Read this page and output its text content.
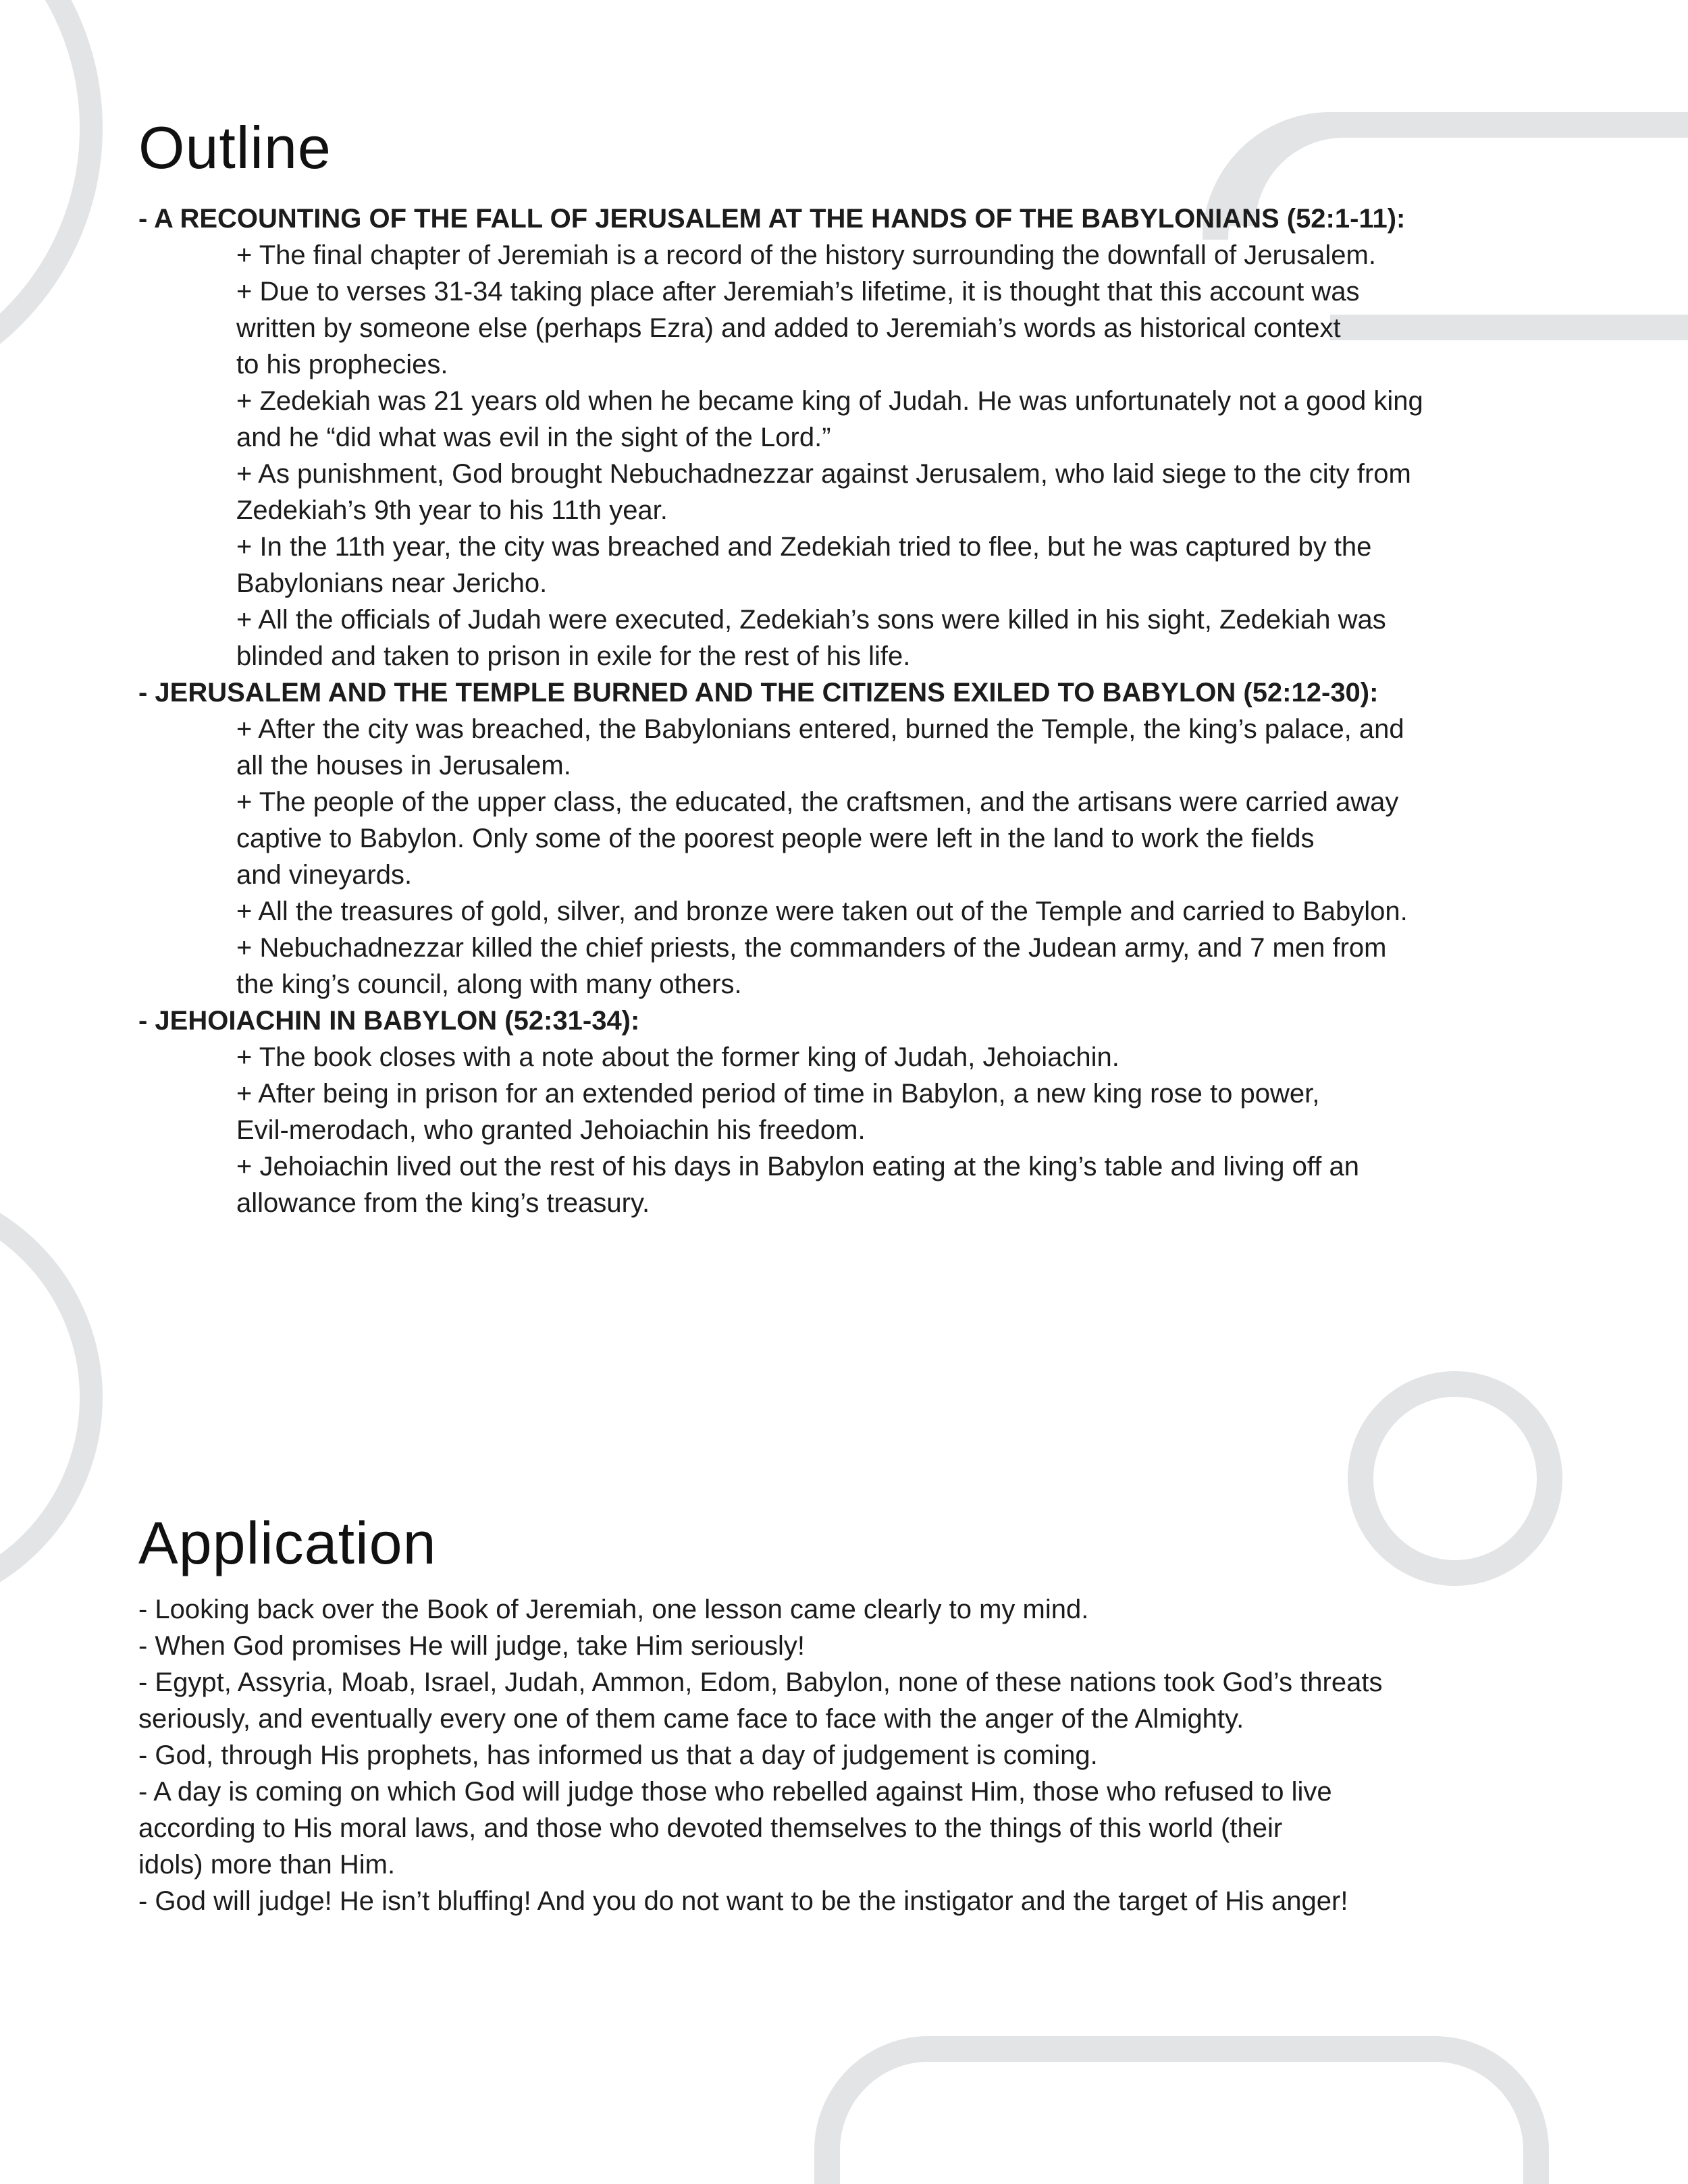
Outline
- A RECOUNTING OF THE FALL OF JERUSALEM AT THE HANDS OF THE BABYLONIANS (52:1-11):
+ The final chapter of Jeremiah is a record of the history surrounding the downfall of Jerusalem.
+ Due to verses 31-34 taking place after Jeremiah’s lifetime, it is thought that this account was
written by someone else (perhaps Ezra) and added to Jeremiah’s words as historical context
to his prophecies.
+ Zedekiah was 21 years old when he became king of Judah. He was unfortunately not a good king
and he “did what was evil in the sight of the Lord.”
+ As punishment, God brought Nebuchadnezzar against Jerusalem, who laid siege to the city from
Zedekiah’s 9th year to his 11th year.
+ In the 11th year, the city was breached and Zedekiah tried to flee, but he was captured by the
Babylonians near Jericho.
+ All the officials of Judah were executed, Zedekiah’s sons were killed in his sight, Zedekiah was
blinded and taken to prison in exile for the rest of his life.
- JERUSALEM AND THE TEMPLE BURNED AND THE CITIZENS EXILED TO BABYLON (52:12-30):
+ After the city was breached, the Babylonians entered, burned the Temple, the king’s palace, and
all the houses in Jerusalem.
+ The people of the upper class, the educated, the craftsmen, and the artisans were carried away
captive to Babylon. Only some of the poorest people were left in the land to work the fields
and vineyards.
+ All the treasures of gold, silver, and bronze were taken out of the Temple and carried to Babylon.
+ Nebuchadnezzar killed the chief priests, the commanders of the Judean army, and 7 men from
the king’s council, along with many others.
- JEHOIACHIN IN BABYLON (52:31-34):
+ The book closes with a note about the former king of Judah, Jehoiachin.
+ After being in prison for an extended period of time in Babylon, a new king rose to power,
Evil-merodach, who granted Jehoiachin his freedom.
+ Jehoiachin lived out the rest of his days in Babylon eating at the king’s table and living off an
allowance from the king’s treasury.
Application
- Looking back over the Book of Jeremiah, one lesson came clearly to my mind.
- When God promises He will judge, take Him seriously!
- Egypt, Assyria, Moab, Israel, Judah, Ammon, Edom, Babylon, none of these nations took God’s threats
seriously, and eventually every one of them came face to face with the anger of the Almighty.
- God, through His prophets, has informed us that a day of judgement is coming.
- A day is coming on which God will judge those who rebelled against Him, those who refused to live
according to His moral laws, and those who devoted themselves to the things of this world (their
idols) more than Him.
- God will judge! He isn’t bluffing! And you do not want to be the instigator and the target of His anger!
